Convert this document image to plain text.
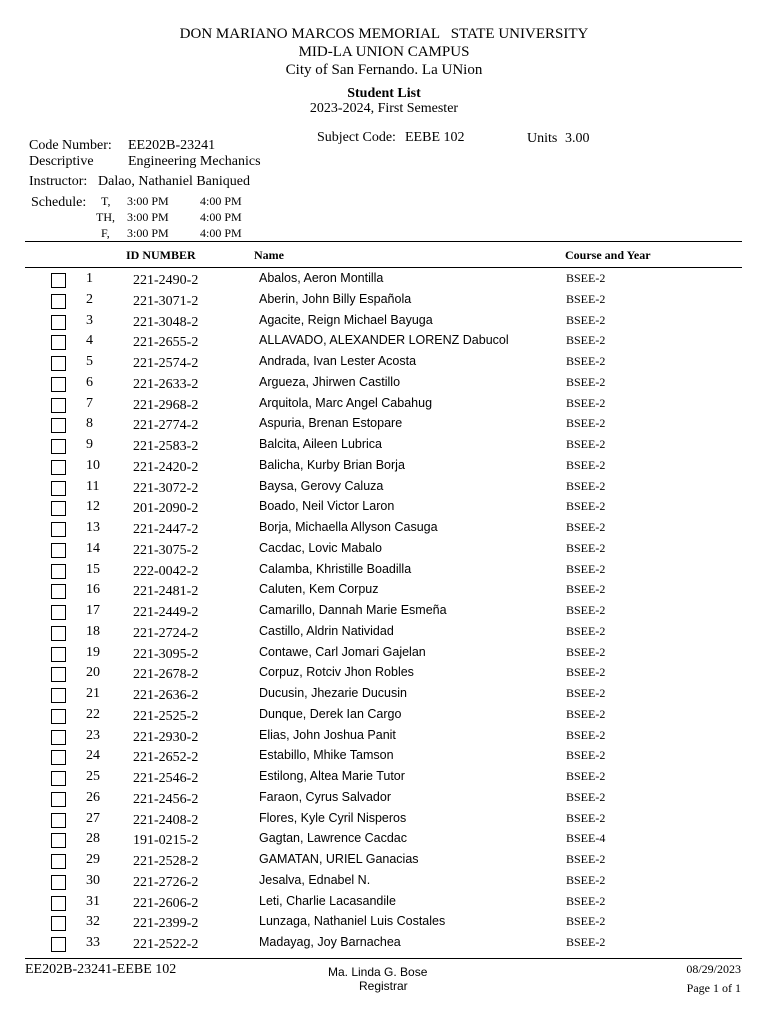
DON MARIANO MARCOS MEMORIAL   STATE UNIVERSITY
MID-LA UNION CAMPUS
City of San Fernando. La UNion
Student List
2023-2024, First Semester
Code Number: EE202B-23241
Descriptive Engineering Mechanics
Instructor: Dalao, Nathaniel Baniqued
Subject Code: EEBE 102	Units 3.00
Schedule: T, 3:00 PM	4:00 PM
TH, 3:00 PM	4:00 PM
F, 3:00 PM	4:00 PM
ID NUMBER	Name	Course and Year
1	221-2490-2	Abalos, Aeron Montilla	BSEE-2
2	221-3071-2	Aberin, John Billy Española	BSEE-2
3	221-3048-2	Agacite, Reign Michael Bayuga	BSEE-2
4	221-2655-2	ALLAVADO, ALEXANDER LORENZ Dabucol	BSEE-2
5	221-2574-2	Andrada, Ivan Lester Acosta	BSEE-2
6	221-2633-2	Argueza, Jhirwen Castillo	BSEE-2
7	221-2968-2	Arquitola, Marc Angel Cabahug	BSEE-2
8	221-2774-2	Aspuria, Brenan Estopare	BSEE-2
9	221-2583-2	Balcita, Aileen Lubrica	BSEE-2
10 221-2420-2	Balicha, Kurby Brian Borja	BSEE-2
11 221-3072-2	Baysa, Gerovy Caluza	BSEE-2
12 201-2090-2	Boado, Neil Victor Laron	BSEE-2
13 221-2447-2	Borja, Michaella Allyson Casuga	BSEE-2
14 221-3075-2	Cacdac, Lovic Mabalo	BSEE-2
15 222-0042-2	Calamba, Khristille Boadilla	BSEE-2
16 221-2481-2	Caluten, Kem Corpuz	BSEE-2
17 221-2449-2	Camarillo, Dannah Marie Esmeña	BSEE-2
18 221-2724-2	Castillo, Aldrin Natividad	BSEE-2
19 221-3095-2	Contawe, Carl Jomari Gajelan	BSEE-2
20 221-2678-2	Corpuz, Rotciv Jhon Robles	BSEE-2
21 221-2636-2	Ducusin, Jhezarie Ducusin	BSEE-2
22 221-2525-2	Dunque, Derek Ian Cargo	BSEE-2
23 221-2930-2	Elias, John Joshua Panit	BSEE-2
24 221-2652-2	Estabillo, Mhike Tamson	BSEE-2
25 221-2546-2	Estilong, Altea Marie Tutor	BSEE-2
26 221-2456-2	Faraon, Cyrus Salvador	BSEE-2
27 221-2408-2	Flores, Kyle Cyril Nisperos	BSEE-2
28 191-0215-2	Gagtan, Lawrence Cacdac	BSEE-4
29 221-2528-2	GAMATAN, URIEL Ganacias	BSEE-2
30 221-2726-2	Jesalva, Ednabel N.	BSEE-2
31 221-2606-2	Leti, Charlie Lacasandile	BSEE-2
32 221-2399-2	Lunzaga, Nathaniel Luis Costales	BSEE-2
33 221-2522-2	Madayag, Joy Barnachea	BSEE-2
EE202B-23241-EEBE 102	Ma. Linda G. Bose
Registrar
08/29/2023
Page 1 of 1
